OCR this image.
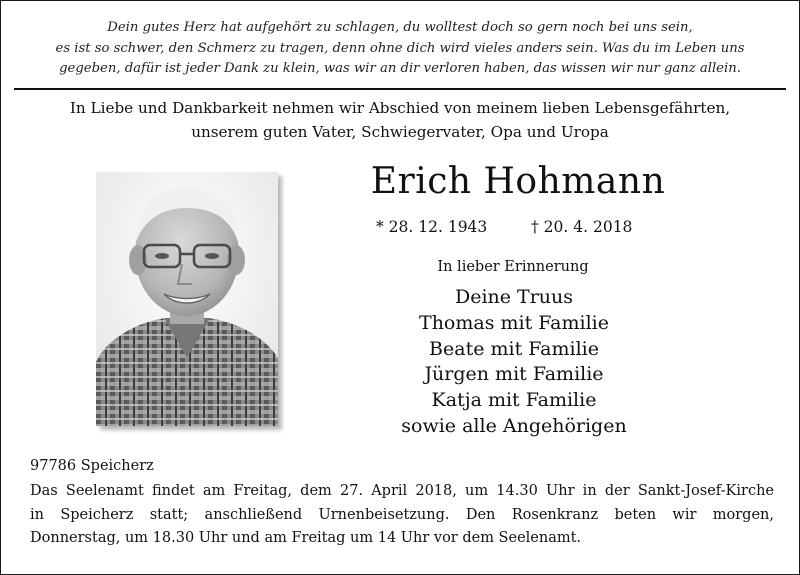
Dein gutes Herz hat aufgehört zu schlagen, du wolltest doch so gern noch bei uns sein,
es ist so schwer, den Schmerz zu tragen, denn ohne dich wird vieles anders sein. Was du im Leben uns
gegeben, dafür ist jeder Dank zu klein, was wir an dir verloren haben, das wissen wir nur ganz allein.
In Liebe und Dankbarkeit nehmen wir Abschied von meinem lieben Lebensgefährten,
unserem guten Vater, Schwiegervater, Opa und Uropa
Erich Hohmann
* 28. 12. 1943	† 20. 4. 2018
In lieber Erinnerung
Deine Truus
Thomas mit Familie
Beate mit Familie
Jürgen mit Familie
Katja mit Familie
sowie alle Angehörigen
97786 Speicherz
Das Seelenamt findet am Freitag, dem 27. April 2018, um 14.30 Uhr in der Sankt-Josef-Kirche
in Speicherz statt; anschließend Urnenbeisetzung. Den Rosenkranz beten wir morgen,
Donnerstag, um 18.30 Uhr und am Freitag um 14 Uhr vor dem Seelenamt.
